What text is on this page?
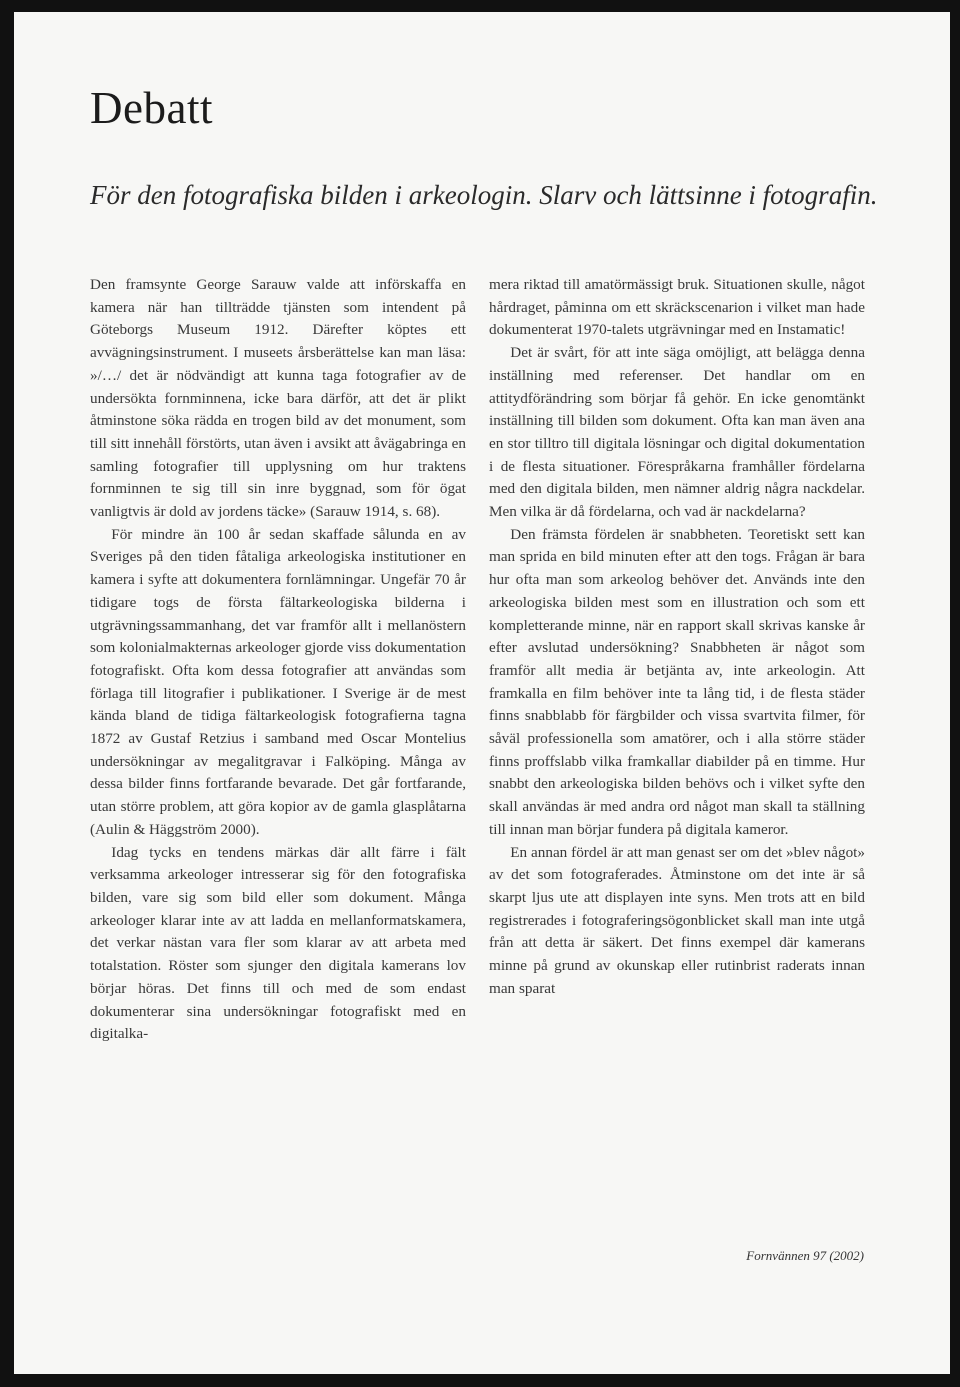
Debatt
För den fotografiska bilden i arkeologin. Slarv och lättsinne i fotografin.

Den framsynte George Sarauw valde att införskaffa en kamera när han tillträdde tjänsten som intendent på Göteborgs Museum 1912. Därefter köptes ett avvägningsinstrument. I museets årsberättelse kan man läsa: »/…/ det är nödvändigt att kunna taga fotografier av de undersökta fornminnena, icke bara därför, att det är plikt åtminstone söka rädda en trogen bild av det monument, som till sitt innehåll förstörts, utan även i avsikt att åvägabringa en samling fotografier till upplysning om hur traktens fornminnen te sig till sin inre byggnad, som för ögat vanligtvis är dold av jordens täcke» (Sarauw 1914, s. 68).

För mindre än 100 år sedan skaffade sålunda en av Sveriges på den tiden fåtaliga arkeologiska institutioner en kamera i syfte att dokumentera fornlämningar. Ungefär 70 år tidigare togs de första fältarkeologiska bilderna i utgrävningssammanhang, det var framför allt i mellanöstern som kolonialmakternas arkeologer gjorde viss dokumentation fotografiskt. Ofta kom dessa fotografier att användas som förlaga till litografier i publikationer. I Sverige är de mest kända bland de tidiga fältarkeologisk fotografierna tagna 1872 av Gustaf Retzius i samband med Oscar Montelius undersökningar av megalitgravar i Falköping. Många av dessa bilder finns fortfarande bevarade. Det går fortfarande, utan större problem, att göra kopior av de gamla glasplåtarna (Aulin & Häggström 2000).

Idag tycks en tendens märkas där allt färre i fält verksamma arkeologer intresserar sig för den fotografiska bilden, vare sig som bild eller som dokument. Många arkeologer klarar inte av att ladda en mellanformatskamera, det verkar nästan vara fler som klarar av att arbeta med totalstation. Röster som sjunger den digitala kamerans lov börjar höras. Det finns till och med de som endast dokumenterar sina undersökningar fotografiskt med en digitalka-

mera riktad till amatörmässigt bruk. Situationen skulle, något hårdraget, påminna om ett skräckscenarion i vilket man hade dokumenterat 1970-talets utgrävningar med en Instamatic!

Det är svårt, för att inte säga omöjligt, att belägga denna inställning med referenser. Det handlar om en attitydförändring som börjar få gehör. En icke genomtänkt inställning till bilden som dokument. Ofta kan man även ana en stor tilltro till digitala lösningar och digital dokumentation i de flesta situationer. Förespråkarna framhåller fördelarna med den digitala bilden, men nämner aldrig några nackdelar. Men vilka är då fördelarna, och vad är nackdelarna?

Den främsta fördelen är snabbheten. Teoretiskt sett kan man sprida en bild minuten efter att den togs. Frågan är bara hur ofta man som arkeolog behöver det. Används inte den arkeologiska bilden mest som en illustration och som ett kompletterande minne, när en rapport skall skrivas kanske år efter avslutad undersökning? Snabbheten är något som framför allt media är betjänta av, inte arkeologin. Att framkalla en film behöver inte ta lång tid, i de flesta städer finns snabblabb för färgbilder och vissa svartvita filmer, för såväl professionella som amatörer, och i alla större städer finns proffslabb vilka framkallar diabilder på en timme. Hur snabbt den arkeologiska bilden behövs och i vilket syfte den skall användas är med andra ord något man skall ta ställning till innan man börjar fundera på digitala kameror.

En annan fördel är att man genast ser om det »blev något» av det som fotograferades. Åtminstone om det inte är så skarpt ljus ute att displayen inte syns. Men trots att en bild registrerades i fotograferingsögonblicket skall man inte utgå från att detta är säkert. Det finns exempel där kamerans minne på grund av okunskap eller rutinbrist raderats innan man sparat

Fornvännen 97 (2002)
